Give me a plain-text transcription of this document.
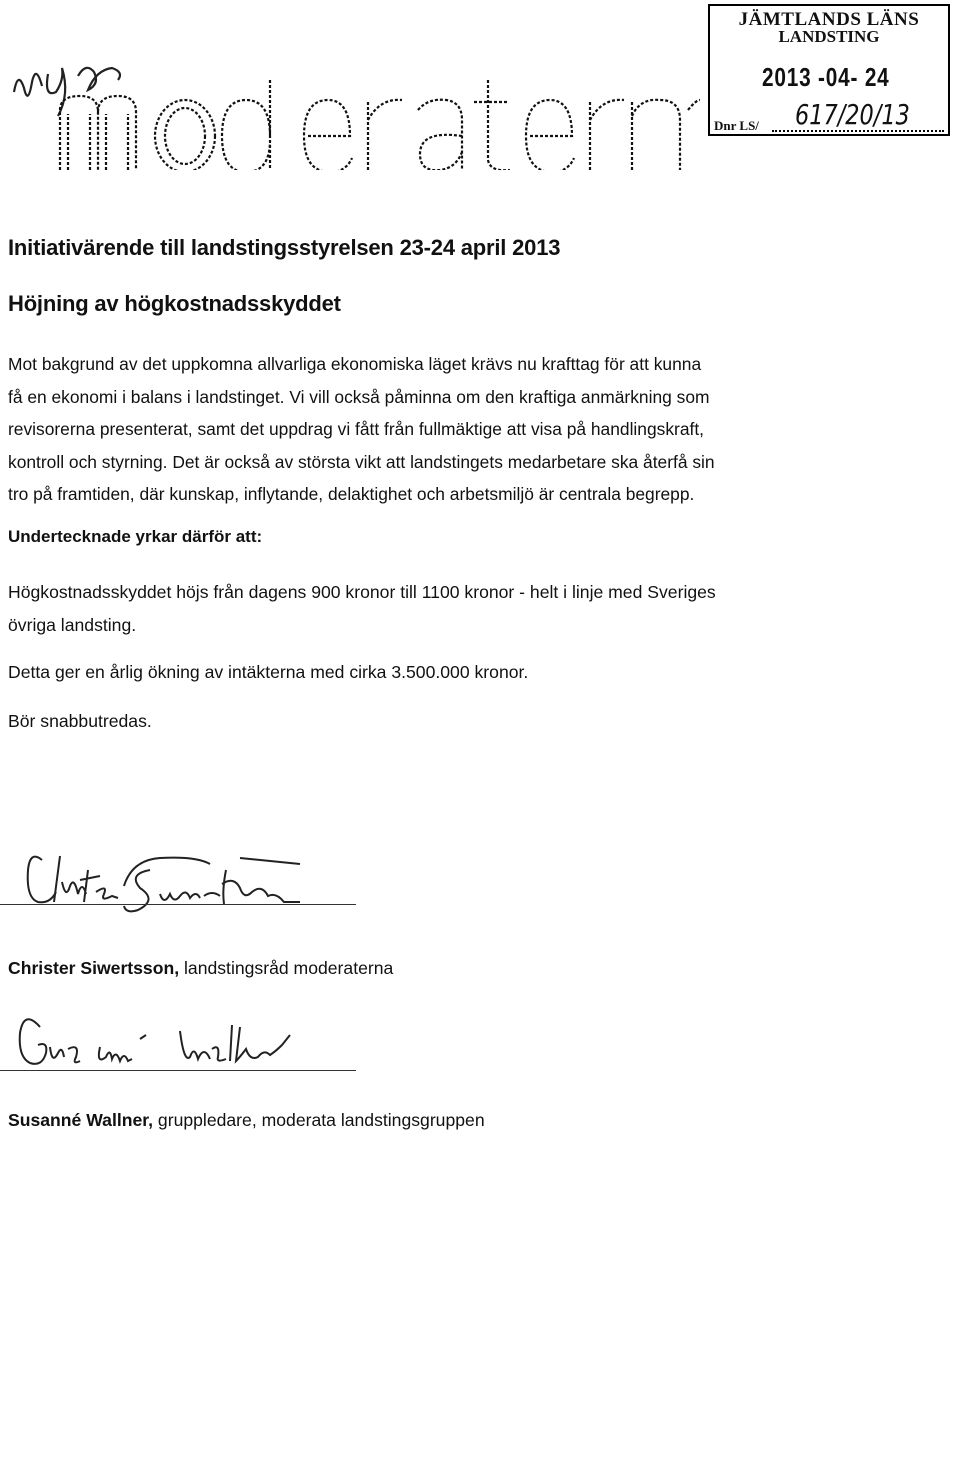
moderaterna
JÄMTLANDS LÄNS
LANDSTING
2013 -04- 24
Dnr LS/ 617/20/13
Initiativärende till landstingsstyrelsen 23-24 april 2013
Höjning av högkostnadsskyddet

Mot bakgrund av det uppkomna allvarliga ekonomiska läget krävs nu krafttag för att kunna
få en ekonomi i balans i landstinget. Vi vill också påminna om den kraftiga anmärkning som
revisorerna presenterat, samt det uppdrag vi fått från fullmäktige att visa på handlingskraft,
kontroll och styrning. Det är också av största vikt att landstingets medarbetare ska återfå sin
tro på framtiden, där kunskap, inflytande, delaktighet och arbetsmiljö är centrala begrepp.

Undertecknade yrkar därför att:

Högkostnadsskyddet höjs från dagens 900 kronor till 1100 kronor - helt i linje med Sveriges
övriga landsting.

Detta ger en årlig ökning av intäkterna med cirka 3.500.000 kronor.

Bör snabbutredas.

Christer Siwertsson

Christer Siwertsson, landstingsråd moderaterna

Susanné Wallner

Susanné Wallner, gruppledare, moderata landstingsgruppen
